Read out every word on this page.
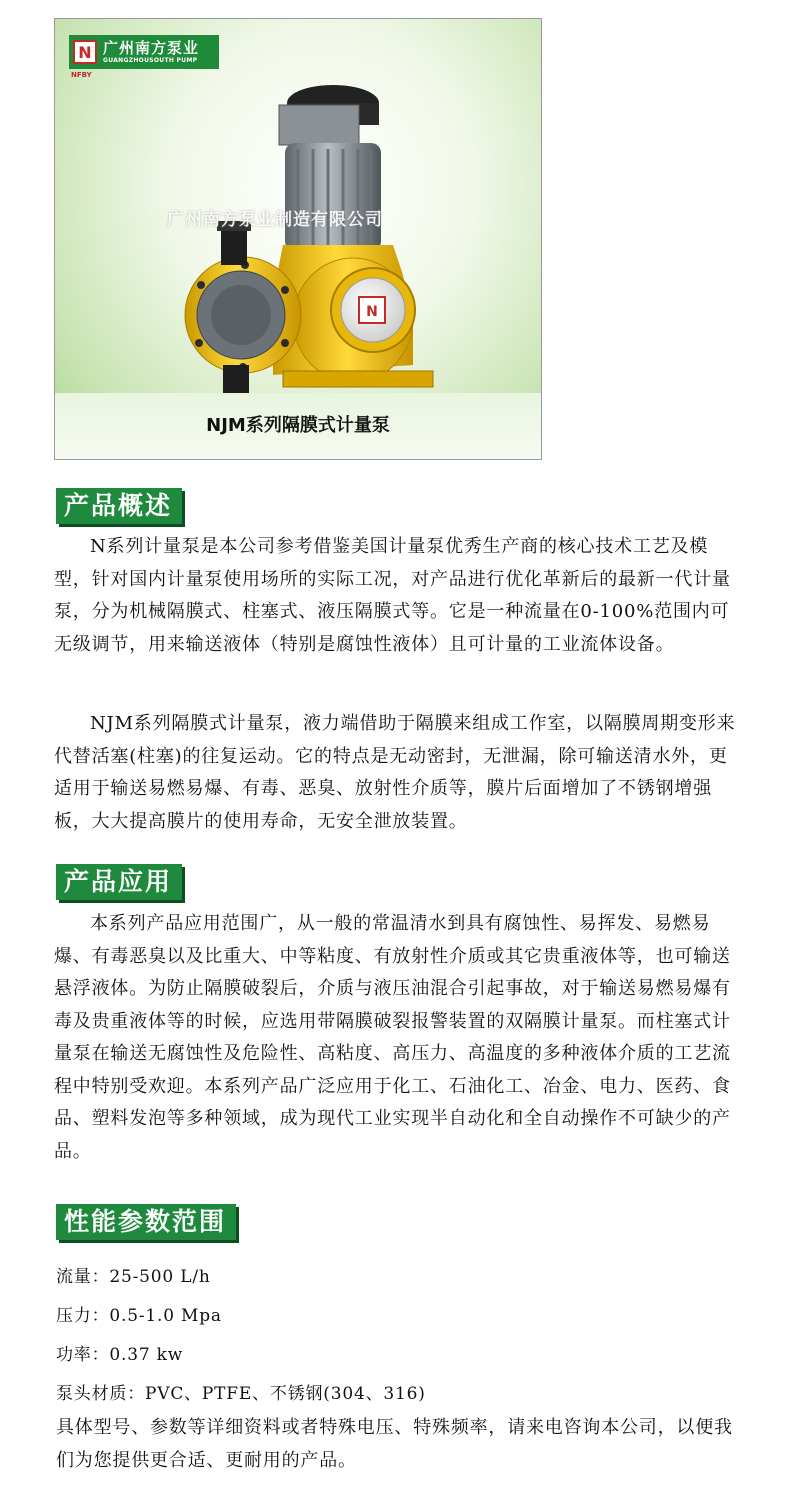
N 广州南方泵业
GUANGZHOUSOUTH PUMP
NFBY
N
广州南方泵业制造有限公司
NJM系列隔膜式计量泵
产品概述

N系列计量泵是本公司参考借鉴美国计量泵优秀生产商的核心技术工艺及模型，针对国内计量泵使用场所的实际工况，对产品进行优化革新后的最新一代计量泵，分为机械隔膜式、柱塞式、液压隔膜式等。它是一种流量在0-100%范围内可无级调节，用来输送液体（特别是腐蚀性液体）且可计量的工业流体设备。

NJM系列隔膜式计量泵，液力端借助于隔膜来组成工作室，以隔膜周期变形来代替活塞(柱塞)的往复运动。它的特点是无动密封，无泄漏，除可输送清水外，更适用于输送易燃易爆、有毒、恶臭、放射性介质等，膜片后面增加了不锈钢增强板，大大提高膜片的使用寿命，无安全泄放装置。

产品应用

本系列产品应用范围广，从一般的常温清水到具有腐蚀性、易挥发、易燃易爆、有毒恶臭以及比重大、中等粘度、有放射性介质或其它贵重液体等，也可输送悬浮液体。为防止隔膜破裂后，介质与液压油混合引起事故，对于输送易燃易爆有毒及贵重液体等的时候，应选用带隔膜破裂报警装置的双隔膜计量泵。而柱塞式计量泵在输送无腐蚀性及危险性、高粘度、高压力、高温度的多种液体介质的工艺流程中特别受欢迎。本系列产品广泛应用于化工、石油化工、冶金、电力、医药、食品、塑料发泡等多种领域，成为现代工业实现半自动化和全自动操作不可缺少的产品。

性能参数范围
流量：25-500 L/h
压力：0.5-1.0 Mpa
功率：0.37 kw
泵头材质：PVC、PTFE、不锈钢(304、316)

具体型号、参数等详细资料或者特殊电压、特殊频率，请来电咨询本公司，以便我们为您提供更合适、更耐用的产品。
